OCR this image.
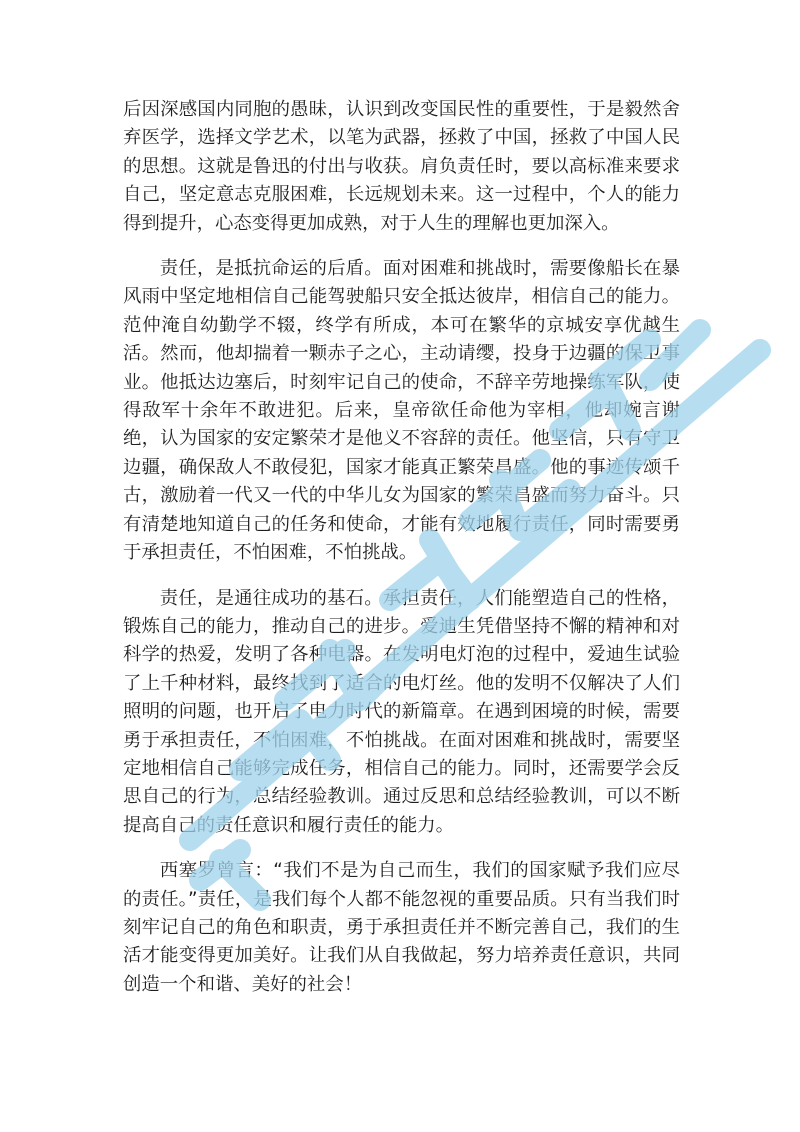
后因深感国内同胞的愚昧，认识到改变国民性的重要性，于是毅然舍弃医学，选择文学艺术，以笔为武器，拯救了中国，拯救了中国人民的思想。这就是鲁迅的付出与收获。肩负责任时，要以高标准来要求自己，坚定意志克服困难，长远规划未来。这一过程中，个人的能力得到提升，心态变得更加成熟，对于人生的理解也更加深入。

责任，是抵抗命运的后盾。面对困难和挑战时，需要像船长在暴风雨中坚定地相信自己能驾驶船只安全抵达彼岸，相信自己的能力。范仲淹自幼勤学不辍，终学有所成，本可在繁华的京城安享优越生活。然而，他却揣着一颗赤子之心，主动请缨，投身于边疆的保卫事业。他抵达边塞后，时刻牢记自己的使命，不辞辛劳地操练军队，使得敌军十余年不敢进犯。后来，皇帝欲任命他为宰相，他却婉言谢绝，认为国家的安定繁荣才是他义不容辞的责任。他坚信，只有守卫边疆，确保敌人不敢侵犯，国家才能真正繁荣昌盛。他的事迹传颂千古，激励着一代又一代的中华儿女为国家的繁荣昌盛而努力奋斗。只有清楚地知道自己的任务和使命，才能有效地履行责任，同时需要勇于承担责任，不怕困难，不怕挑战。

责任，是通往成功的基石。承担责任，人们能塑造自己的性格，锻炼自己的能力，推动自己的进步。爱迪生凭借坚持不懈的精神和对科学的热爱，发明了各种电器。在发明电灯泡的过程中，爱迪生试验了上千种材料，最终找到了适合的电灯丝。他的发明不仅解决了人们照明的问题，也开启了电力时代的新篇章。在遇到困境的时候，需要勇于承担责任，不怕困难，不怕挑战。在面对困难和挑战时，需要坚定地相信自己能够完成任务，相信自己的能力。同时，还需要学会反思自己的行为，总结经验教训。通过反思和总结经验教训，可以不断提高自己的责任意识和履行责任的能力。

西塞罗曾言：“我们不是为自己而生，我们的国家赋予我们应尽的责任。”责任，是我们每个人都不能忽视的重要品质。只有当我们时刻牢记自己的角色和职责，勇于承担责任并不断完善自己，我们的生活才能变得更加美好。让我们从自我做起，努力培养责任意识，共同创造一个和谐、美好的社会！
